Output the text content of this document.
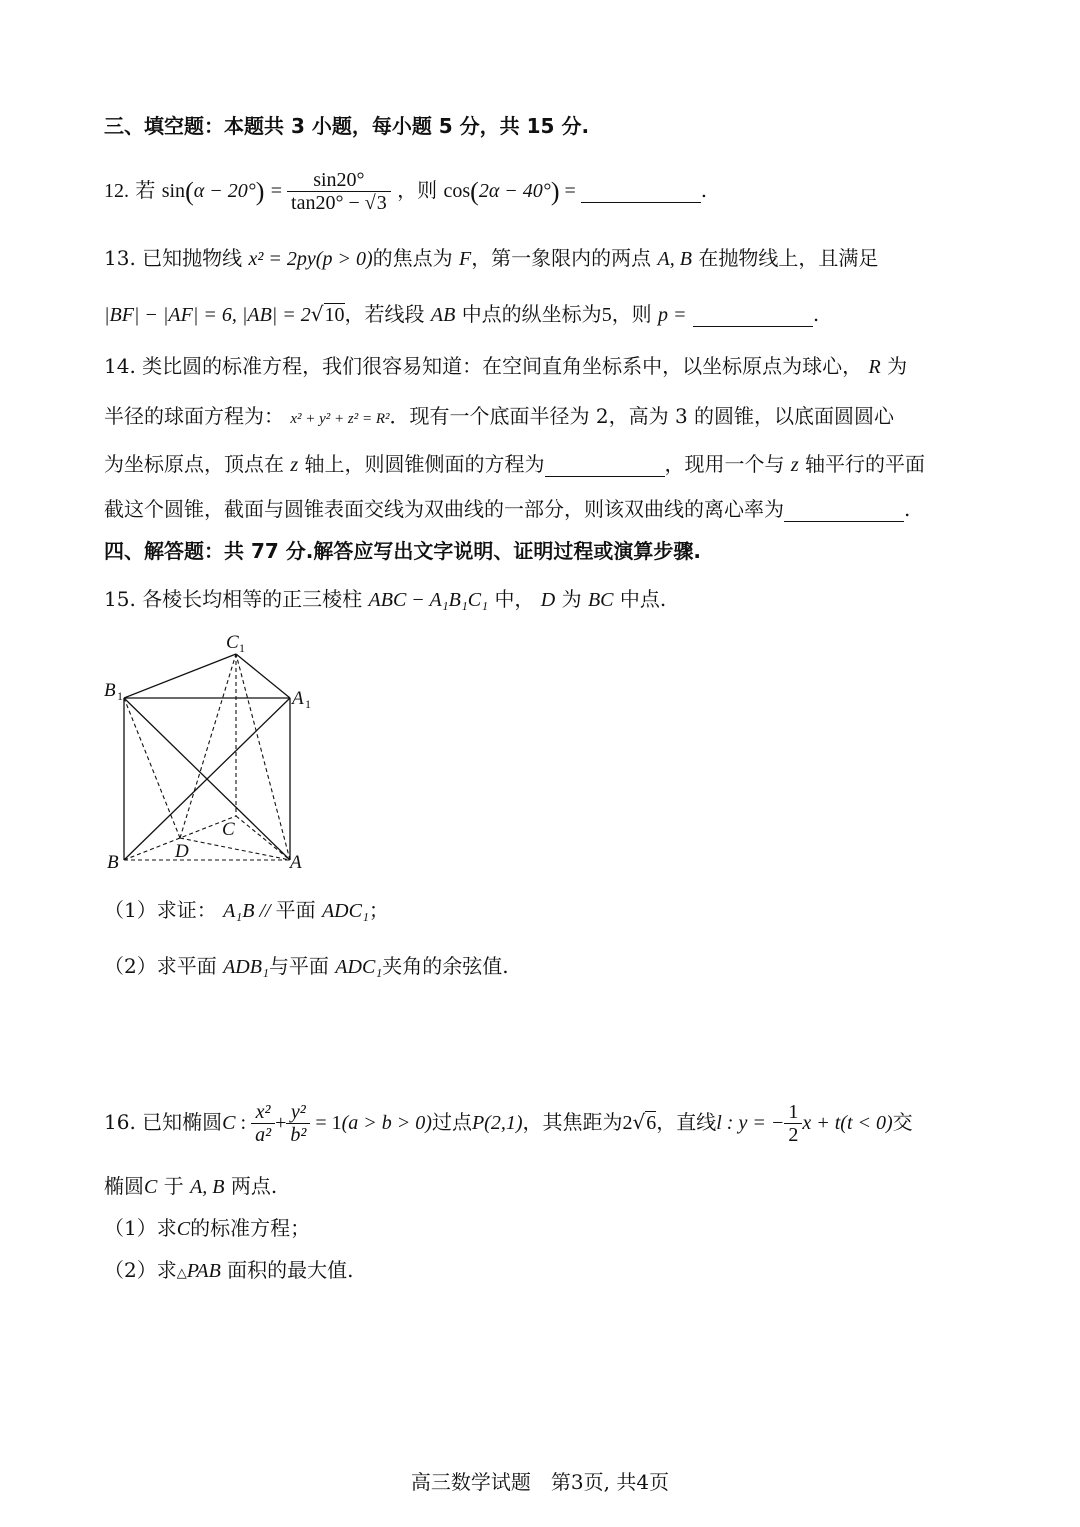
三、填空题：本题共 3 小题，每小题 5 分，共 15 分.
12. 若 $\sin(\alpha - 20^\circ) = \frac{\sin 20^\circ}{\tan 20^\circ - √3}$ ，则 cos(2α − 40°) =	.
13. 已知抛物线 x² = 2py(p > 0)的焦点为 F，第一象限内的两点 A, B 在抛物线上，且满足
|BF| − |AF| = 6, |AB| = 2√10，若线段 AB 中点的纵坐标为5，则 p =	.
14. 类比圆的标准方程，我们很容易知道：在空间直角坐标系中，以坐标原点为球心， R 为
半径的球面方程为： x² + y² + z² = R²．现有一个底面半径为 2，高为 3 的圆锥，以底面圆圆心
为坐标原点，顶点在 z 轴上，则圆锥侧面的方程为	，现用一个与 z 轴平行的平面
截这个圆锥，截面与圆锥表面交线为双曲线的一部分，则该双曲线的离心率为	.
四、解答题：共 77 分.解答应写出文字说明、证明过程或演算步骤.
15. 各棱长均相等的正三棱柱 ABC − A₁B₁C₁ 中， D 为 BC 中点.
C 1
B 1	A 1
B	A
C
D
（1）求证： A₁B // 平面 ADC₁；
（2）求平面 ADB₁与平面 ADC₁夹角的余弦值.
16. 已知椭圆C : $\frac{\text{x²}}{\text{a²}} + \frac{\text{y²}}{\text{b²}} = 1(a > b > 0)$过点P(2,1)，其焦距为2√6，直线l : y = − $\frac{1}{2}$ x + t(t < 0)交
椭圆C 于 A, B 两点.
（1）求C的标准方程；
（2）求△PAB 面积的最大值.
高三数学试题　第3页, 共4页
